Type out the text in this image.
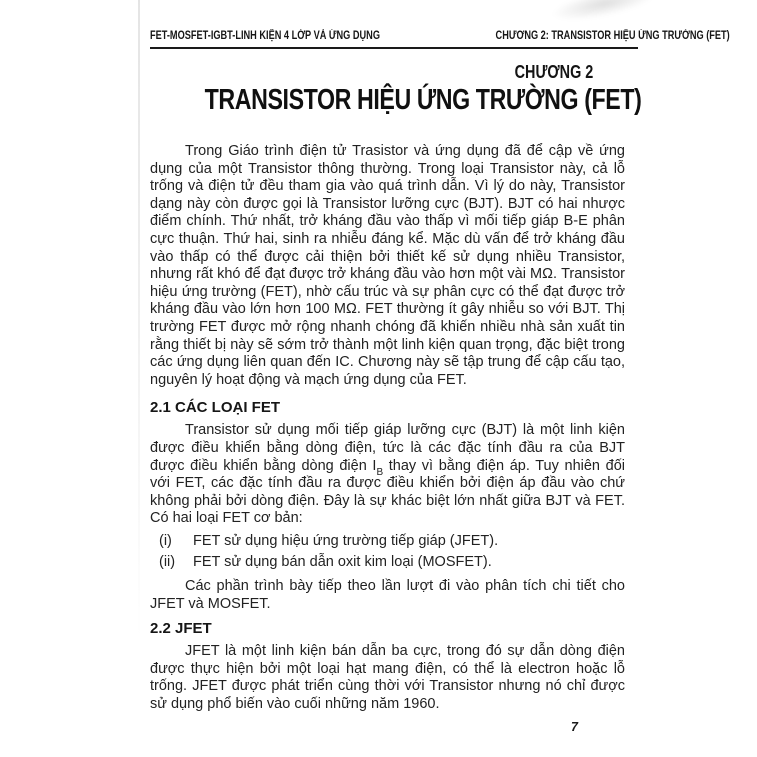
FET-MOSFET-IGBT-LINH KIỆN 4 LỚP VÀ ỨNG DỤNG	CHƯƠNG 2: TRANSISTOR HIỆU ỨNG TRƯỜNG (FET)
CHƯƠNG 2
TRANSISTOR HIỆU ỨNG TRƯỜNG (FET)

Trong Giáo trình điện tử Trasistor và ứng dụng đã để cập về ứng dụng của một Transistor thông thường. Trong loại Transistor này, cả lỗ trống và điện tử đều tham gia vào quá trình dẫn. Vì lý do này, Transistor dạng này còn được gọi là Transistor lưỡng cực (BJT). BJT có hai nhược điểm chính. Thứ nhất, trở kháng đầu vào thấp vì mối tiếp giáp B-E phân cực thuận. Thứ hai, sinh ra nhiễu đáng kể. Mặc dù vấn để trở kháng đầu vào thấp có thể được cải thiện bởi thiết kế sử dụng nhiều Transistor, nhưng rất khó để đạt được trở kháng đầu vào hơn một vài MΩ. Transistor hiệu ứng trường (FET), nhờ cấu trúc và sự phân cực có thể đạt được trở kháng đầu vào lớn hơn 100 MΩ. FET thường ít gây nhiễu so với BJT. Thị trường FET được mở rộng nhanh chóng đã khiến nhiều nhà sản xuất tin rằng thiết bị này sẽ sớm trở thành một linh kiện quan trọng, đặc biệt trong các ứng dụng liên quan đến IC. Chương này sẽ tập trung để cập cấu tạo, nguyên lý hoạt động và mạch ứng dụng của FET.

2.1 CÁC LOẠI FET

Transistor sử dụng mối tiếp giáp lưỡng cực (BJT) là một linh kiện được điều khiển bằng dòng điện, tức là các đặc tính đầu ra của BJT được điều khiển bằng dòng điện $I_B$ thay vì bằng điện áp. Tuy nhiên đối với FET, các đặc tính đầu ra được điều khiển bởi điện áp đầu vào chứ không phải bởi dòng điện. Đây là sự khác biệt lớn nhất giữa BJT và FET. Có hai loại FET cơ bản:

(i)	FET sử dụng hiệu ứng trường tiếp giáp (JFET).
(ii)	FET sử dụng bán dẫn oxit kim loại (MOSFET).

Các phần trình bày tiếp theo lần lượt đi vào phân tích chi tiết cho JFET và MOSFET.

2.2 JFET

JFET là một linh kiện bán dẫn ba cực, trong đó sự dẫn dòng điện được thực hiện bởi một loại hạt mang điện, có thể là electron hoặc lỗ trống. JFET được phát triển cùng thời với Transistor nhưng nó chỉ được sử dụng phổ biến vào cuối những năm 1960.

7
